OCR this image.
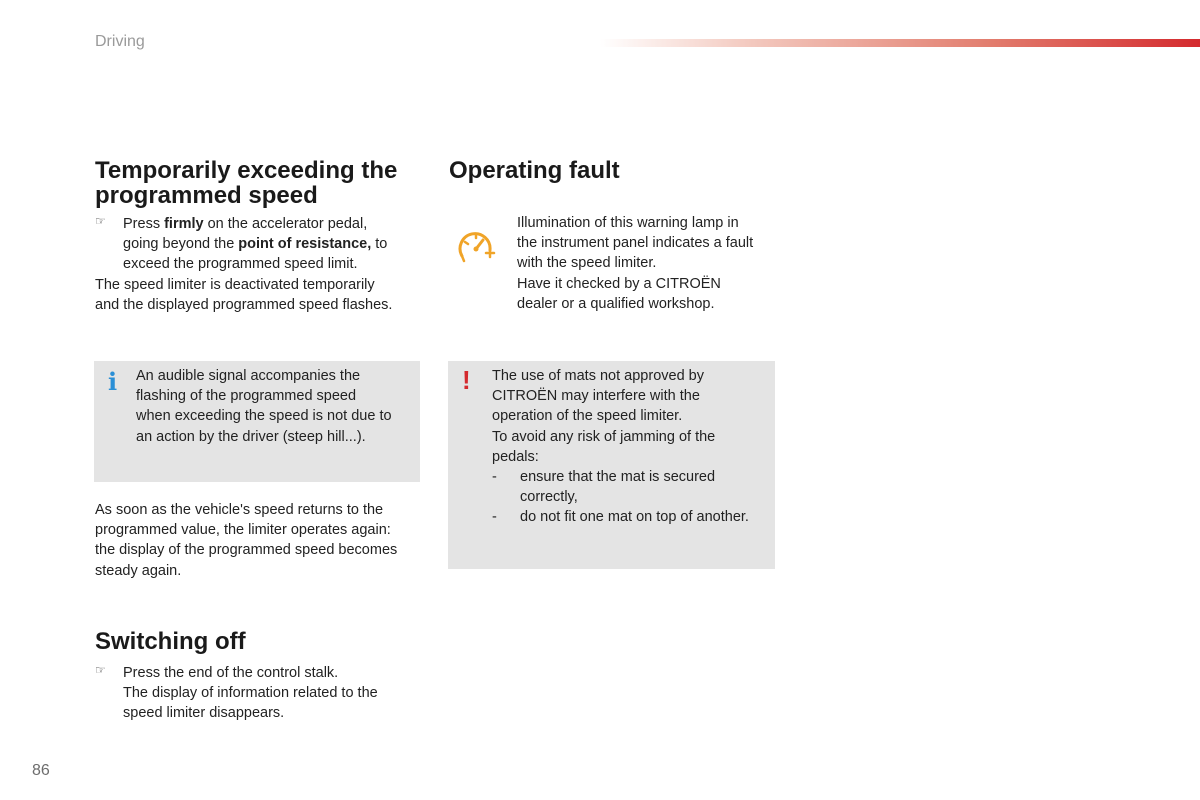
Driving
Temporarily exceeding the
programmed speed
☞ Press firmly on the accelerator pedal,

going beyond the point of resistance, to

exceed the programmed speed limit.

The speed limiter is deactivated temporarily

and the displayed programmed speed flashes.

i An audible signal accompanies the

flashing of the programmed speed

when exceeding the speed is not due to

an action by the driver (steep hill...).

As soon as the vehicle's speed returns to the

programmed value, the limiter operates again:

the display of the programmed speed becomes

steady again.

Switching off
☞ Press the end of the control stalk.

The display of information related to the

speed limiter disappears.

Operating fault

Illumination of this warning lamp in

the instrument panel indicates a fault

with the speed limiter.

Have it checked by a CITROËN

dealer or a qualified workshop.

! The use of mats not approved by

CITROËN may interfere with the

operation of the speed limiter.

To avoid any risk of jamming of the

pedals:

- ensure that the mat is secured

correctly,

- do not fit one mat on top of another.

86
